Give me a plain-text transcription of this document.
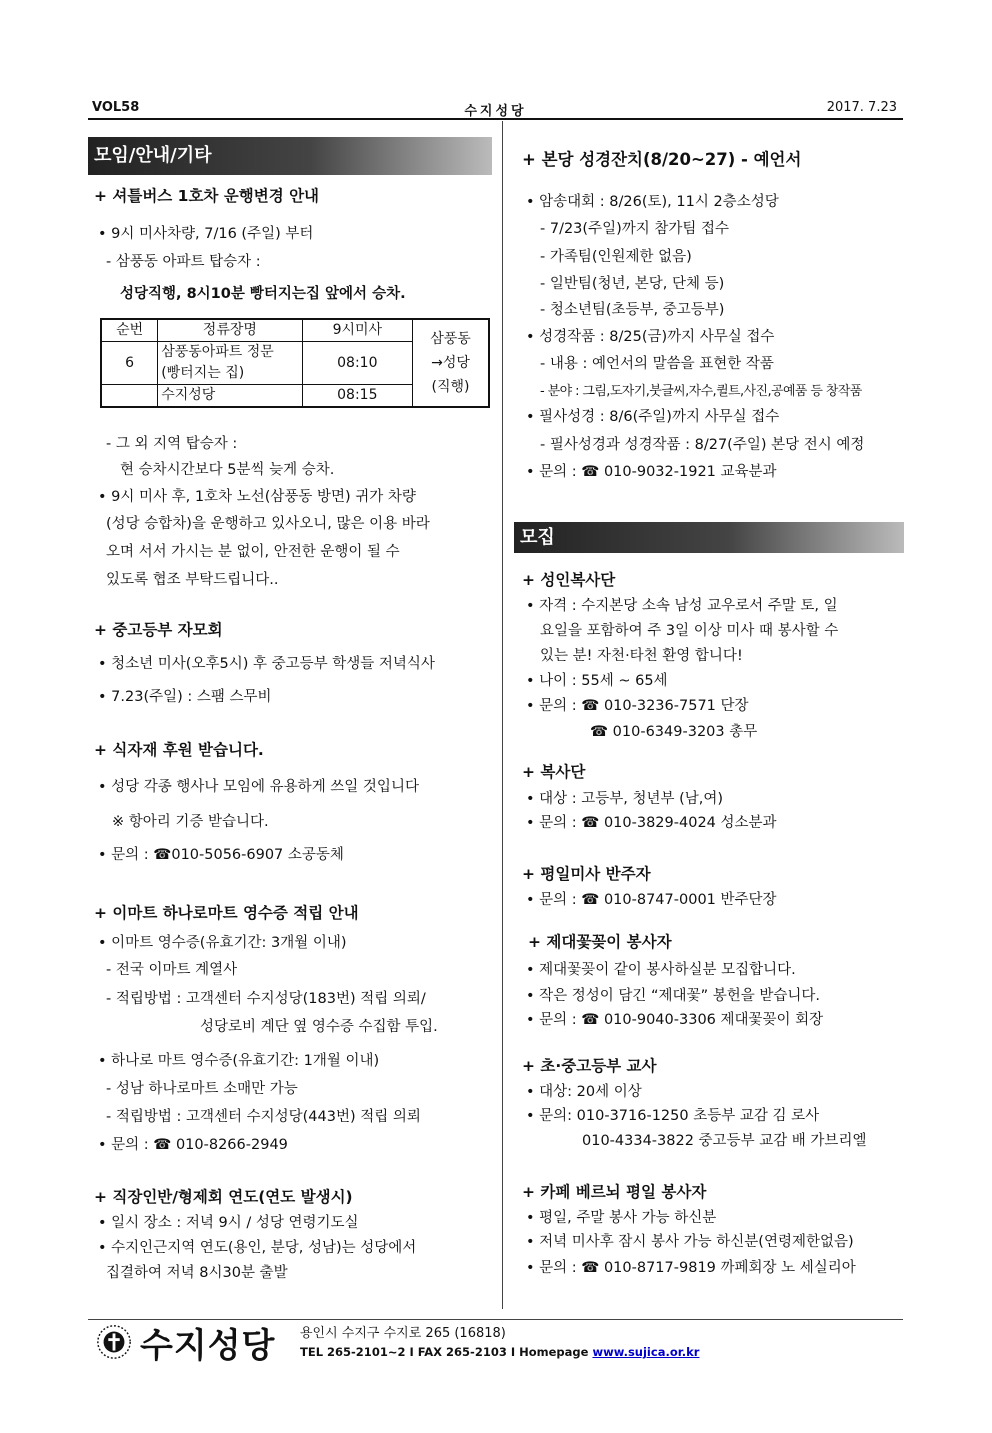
VOL58	수지성당	2017. 7.23
모임/안내/기타
+ 셔틀버스 1호차 운행변경 안내
• 9시 미사차량, 7/16 (주일) 부터
- 삼풍동 아파트 탑승자 :
성당직행, 8시10분 빵터지는집 앞에서 승차.
순번	정류장명	9시미사	삼풍동
→성당
(직행)

6	삼풍동아파트 정문	08:10	
	(빵터지는 집)		
	수지성당	08:15	
- 그 외 지역 탑승자 :
현 승차시간보다 5분씩 늦게 승차.
• 9시 미사 후, 1호차 노선(삼풍동 방면) 귀가 차량
(성당 승합차)을 운행하고 있사오니, 많은 이용 바라
오며 서서 가시는 분 없이, 안전한 운행이 될 수
있도록 협조 부탁드립니다..
+ 중고등부 자모회
• 청소년 미사(오후5시) 후 중고등부 학생들 저녁식사
• 7.23(주일) : 스팸 스무비
+ 식자재 후원 받습니다.
• 성당 각종 행사나 모임에 유용하게 쓰일 것입니다
※ 항아리 기증 받습니다.
• 문의 : ☎010-5056-6907 소공동체
+ 이마트 하나로마트 영수증 적립 안내
• 이마트 영수증(유효기간: 3개월 이내)
- 전국 이마트 계열사
- 적립방법 : 고객센터 수지성당(183번) 적립 의뢰/
성당로비 계단 옆 영수증 수집함 투입.
• 하나로 마트 영수증(유효기간: 1개월 이내)
- 성남 하나로마트 소매만 가능
- 적립방법 : 고객센터 수지성당(443번) 적립 의뢰
• 문의 : ☎ 010-8266-2949
+ 직장인반/형제회 연도(연도 발생시)
• 일시 장소 : 저녁 9시 / 성당 연령기도실
• 수지인근지역 연도(용인, 분당, 성남)는 성당에서
집결하여 저녁 8시30분 출발
+ 본당 성경잔치(8/20~27) - 예언서
• 암송대회 : 8/26(토), 11시 2층소성당
- 7/23(주일)까지 참가팀 접수
- 가족팀(인원제한 없음)
- 일반팀(청년, 본당, 단체 등)
- 청소년팀(초등부, 중고등부)
• 성경작품 : 8/25(금)까지 사무실 접수
- 내용 : 예언서의 말씀을 표현한 작품
- 분야 : 그림,도자기,붓글씨,자수,퀼트,사진,공예품 등 창작품
• 필사성경 : 8/6(주일)까지 사무실 접수
- 필사성경과 성경작품 : 8/27(주일) 본당 전시 예정
• 문의 : ☎ 010-9032-1921 교육분과
모집
+ 성인복사단
• 자격 : 수지본당 소속 남성 교우로서 주말 토, 일
요일을 포함하여 주 3일 이상 미사 때 봉사할 수
있는 분! 자천·타천 환영 합니다!
• 나이 : 55세 ~ 65세
• 문의 : ☎ 010-3236-7571 단장
☎ 010-6349-3203 총무
+ 복사단
• 대상 : 고등부, 청년부 (남,여)
• 문의 : ☎ 010-3829-4024 성소분과
+ 평일미사 반주자
• 문의 : ☎ 010-8747-0001 반주단장
+ 제대꽃꽂이 봉사자
• 제대꽃꽂이 같이 봉사하실분 모집합니다.
• 작은 정성이 담긴 “제대꽃” 봉헌을 받습니다.
• 문의 : ☎ 010-9040-3306 제대꽃꽂이 회장
+ 초·중고등부 교사
• 대상: 20세 이상
• 문의: 010-3716-1250 초등부 교감 김 로사
010-4334-3822 중고등부 교감 배 가브리엘
+ 카페 베르뇌 평일 봉사자
• 평일, 주말 봉사 가능 하신분
• 저녁 미사후 잠시 봉사 가능 하신분(연령제한없음)
• 문의 : ☎ 010-8717-9819 까페회장 노 세실리아
수지성당 용인시 수지구 수지로 265 (16818)
TEL 265-2101~2 I FAX 265-2103 I Homepage www.sujica.or.kr
